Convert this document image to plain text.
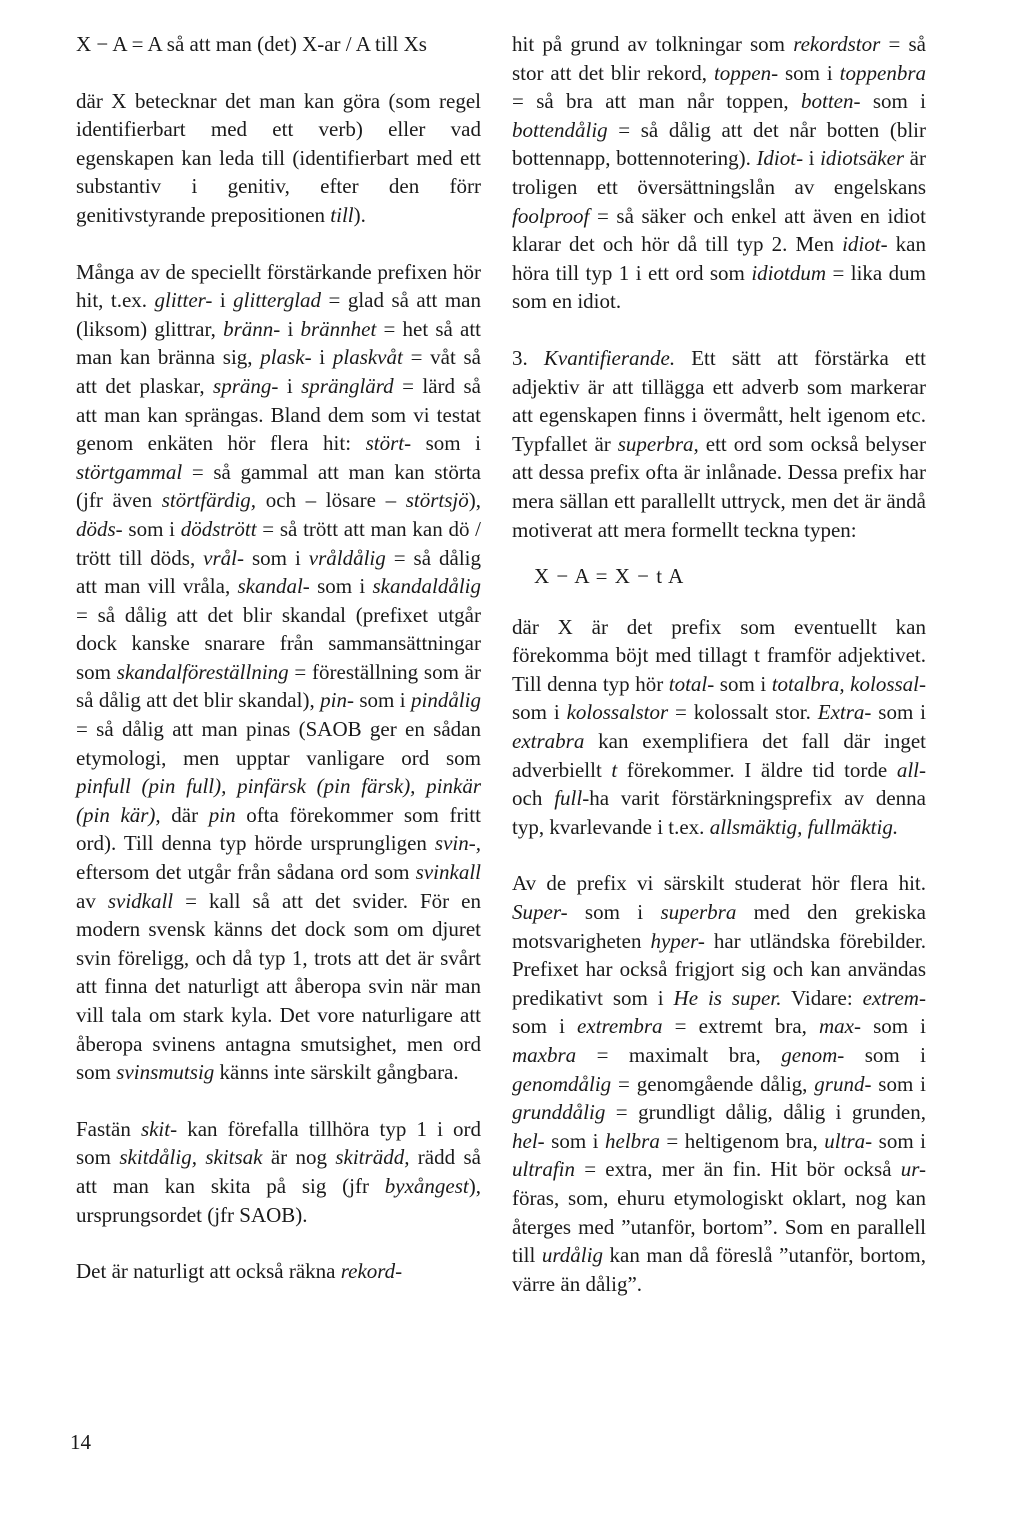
X − A = A så att man (det) X-ar / A till Xs

där X betecknar det man kan göra (som regel identifierbart med ett verb) eller vad egenskapen kan leda till (identifierbart med ett substantiv i genitiv, efter den förr genitivstyrande prepositionen till).

Många av de speciellt förstärkande prefixen hör hit, t.ex. glitter- i glitterglad = glad så att man (liksom) glittrar, bränn- i brännhet = het så att man kan bränna sig, plask- i plaskvåt = våt så att det plaskar, spräng- i spränglärd = lärd så att man kan sprängas. Bland dem som vi testat genom enkäten hör flera hit: stört- som i störtgammal = så gammal att man kan störta (jfr även störtfärdig, och – lösare – störtsjö), döds- som i dödstrött = så trött att man kan dö / trött till döds, vrål- som i vråldålig = så dålig att man vill vråla, skandal- som i skandaldålig = så dålig att det blir skandal (prefixet utgår dock kanske snarare från sammansättningar som skandalföreställning = föreställning som är så dålig att det blir skandal), pin- som i pindålig = så dålig att man pinas (SAOB ger en sådan etymologi, men upptar vanligare ord som pinfull (pin full), pinfärsk (pin färsk), pinkär (pin kär), där pin ofta förekommer som fritt ord). Till denna typ hörde ursprungligen svin-, eftersom det utgår från sådana ord som svinkall av svidkall = kall så att det svider. För en modern svensk känns det dock som om djuret svin föreligg, och då typ 1, trots att det är svårt att finna det naturligt att åberopa svin när man vill tala om stark kyla. Det vore naturligare att åberopa svinens antagna smutsighet, men ord som svinsmutsig känns inte särskilt gångbara.

Fastän skit- kan förefalla tillhöra typ 1 i ord som skitdålig, skitsak är nog skiträdd, rädd så att man kan skita på sig (jfr byxångest), ursprungsordet (jfr SAOB).

Det är naturligt att också räkna rekord-

hit på grund av tolkningar som rekordstor = så stor att det blir rekord, toppen- som i toppenbra = så bra att man når toppen, botten- som i bottendålig = så dålig att det når botten (blir bottennapp, bottennotering). Idiot- i idiotsäker är troligen ett översättningslån av engelskans foolproof = så säker och enkel att även en idiot klarar det och hör då till typ 2. Men idiot- kan höra till typ 1 i ett ord som idiotdum = lika dum som en idiot.

3. Kvantifierande. Ett sätt att förstärka ett adjektiv är att tillägga ett adverb som markerar att egenskapen finns i övermått, helt igenom etc. Typfallet är superbra, ett ord som också belyser att dessa prefix ofta är inlånade. Dessa prefix har mera sällan ett parallellt uttryck, men det är ändå motiverat att mera formellt teckna typen:

X − A = X − t A

där X är det prefix som eventuellt kan förekomma böjt med tillagt t framför adjektivet. Till denna typ hör total- som i totalbra, kolossal- som i kolossalstor = kolossalt stor. Extra- som i extrabra kan exemplifiera det fall där inget adverbiellt t förekommer. I äldre tid torde all- och full-ha varit förstärkningsprefix av denna typ, kvarlevande i t.ex. allsmäktig, fullmäktig.

Av de prefix vi särskilt studerat hör flera hit. Super- som i superbra med den grekiska motsvarigheten hyper- har utländska förebilder. Prefixet har också frigjort sig och kan användas predikativt som i He is super. Vidare: extrem- som i extrembra = extremt bra, max- som i maxbra = maximalt bra, genom- som i genomdålig = genomgående dålig, grund- som i grunddålig = grundligt dålig, dålig i grunden, hel- som i helbra = heltigenom bra, ultra- som i ultrafin = extra, mer än fin. Hit bör också ur- föras, som, ehuru etymologiskt oklart, nog kan återges med ”utanför, bortom”. Som en parallell till urdålig kan man då föreslå ”utanför, bortom, värre än dålig”.

14
